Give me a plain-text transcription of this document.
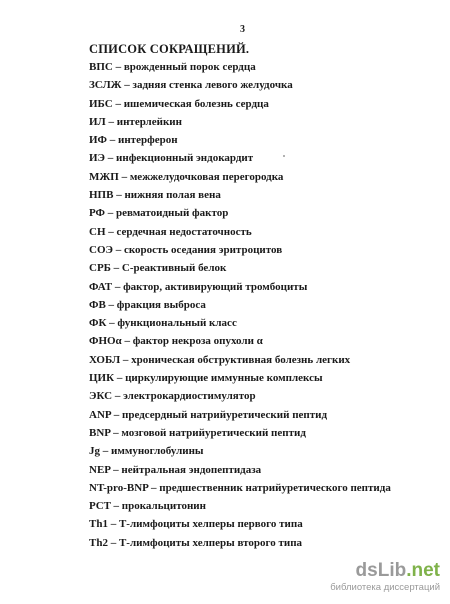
3
СПИСОК СОКРАЩЕНИЙ.
ВПС – врожденный порок сердца
ЗСЛЖ – задняя стенка левого желудочка
ИБС – ишемическая болезнь сердца
ИЛ – интерлейкин
ИФ – интерферон
ИЭ – инфекционный эндокардит
МЖП – межжелудочковая перегородка
НПВ – нижняя полая вена
РФ – ревматоидный фактор
СН – сердечная недостаточность
СОЭ – скорость оседания эритроцитов
СРБ – С-реактивный белок
ФАТ – фактор, активирующий тромбоциты
ФВ – фракция выброса
ФК – функциональный класс
ФНОα – фактор некроза опухоли α
ХОБЛ – хроническая обструктивная болезнь легких
ЦИК – циркулирующие иммунные комплексы
ЭКС – электрокардиостимулятор
ANP – предсердный натрийуретический пептид
BNP – мозговой натрийуретический пептид
Jg – иммуноглобулины
NEP – нейтральная эндопептидаза
NT-pro-BNP – предшественник натрийуретического пептида
PCT – прокальцитонин
Th1 – Т-лимфоциты хелперы первого типа
Th2 – Т-лимфоциты хелперы второго типа
dsLib.net
библиотека диссертаций
